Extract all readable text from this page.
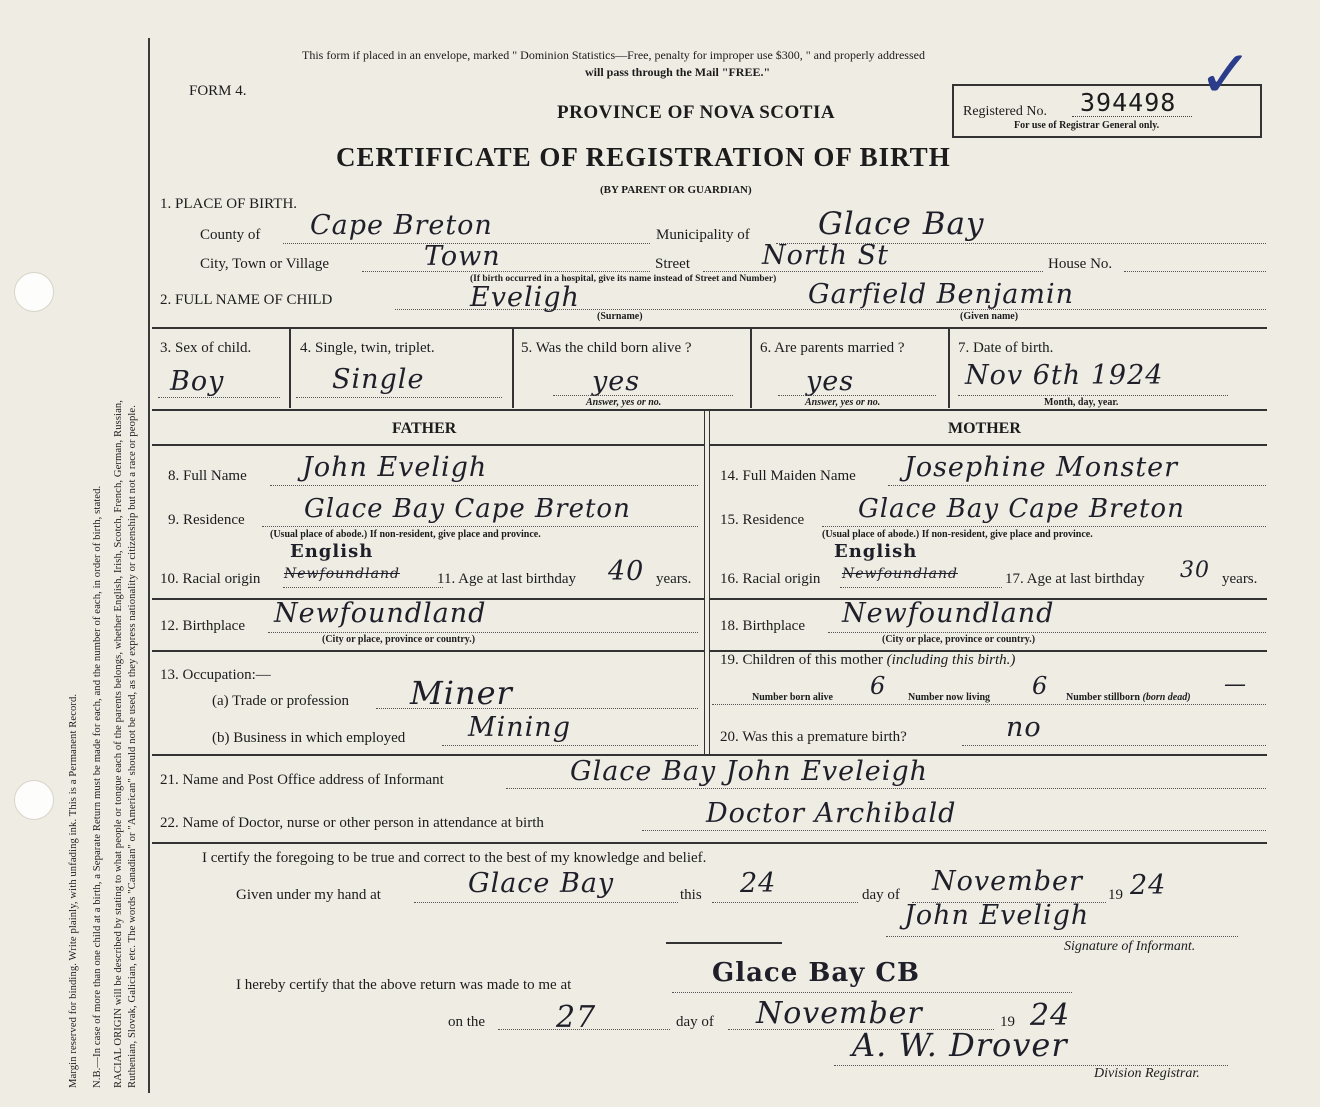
Margin reserved for binding. Write plainly, with unfading ink. This is a Permanent Record. N.B.—In case of more than one child at a birth, a Separate Return must be made for each, and the number of each, in order of birth, stated. RACIAL ORIGIN will be described by stating to what people or tongue each of the parents belongs, whether English, Irish, Scotch, French, German, Russian, Ruthenian, Slovak, Galician, etc. The words "Canadian" or "American" should not be used, as they express nationality or citizenship but not a race or people.
This form if placed in an envelope, marked " Dominion Statistics—Free, penalty for improper use $300, " and properly addressed
will pass through the Mail "FREE."
FORM 4.
PROVINCE OF NOVA SCOTIA
CERTIFICATE OF REGISTRATION OF BIRTH
(BY PARENT OR GUARDIAN)
Registered No. 394498
For use of Registrar General only.
✓
1. PLACE OF BIRTH.
County of Cape Breton	Municipality of Glace Bay
City, Town or Village	Town	Street	North St	House No.
(If birth occurred in a hospital, give its name instead of Street and Number)
2. FULL NAME OF CHILD	Eveligh
(Surname)
Garfield Benjamin
(Given name)
3. Sex of child.
Boy
4. Single, twin, triplet.
Single
5. Was the child born alive ?
yes
Answer, yes or no.
6. Are parents married ?
yes
Answer, yes or no.
7. Date of birth.
Nov 6th 1924
Month, day, year.
FATHER
8. Full Name John Eveligh
9. Residence Glace Bay Cape Breton
(Usual place of abode.) If non-resident, give place and province.
10. Racial origin
English
Newfoundland 11. Age at last birthday 40 years.
12. Birthplace Newfoundland
(City or place, province or country.)
13. Occupation:—
(a) Trade or profession Miner
(b) Business in which employed Mining
MOTHER
14. Full Maiden Name Josephine Monster
15. Residence Glace Bay Cape Breton
(Usual place of abode.) If non-resident, give place and province.
16. Racial origin
English
Newfoundland	17. Age at last birthday 30 years.
18. Birthplace Newfoundland
(City or place, province or country.)
19. Children of this mother (including this birth.)
Number born alive 6 Number now living 6 Number stillborn (born dead)
—
20. Was this a premature birth?	no
21. Name and Post Office address of Informant	Glace Bay John Eveleigh
22. Name of Doctor, nurse or other person in attendance at birth	Doctor Archibald
I certify the foregoing to be true and correct to the best of my knowledge and belief.
Given under my hand at	Glace Bay	this 24	day of November 19 24
John Eveligh
Signature of Informant.
I hereby certify that the above return was made to me at	Glace Bay CB
on the 27	day of November	19 24
A. W. Drover
Division Registrar.
